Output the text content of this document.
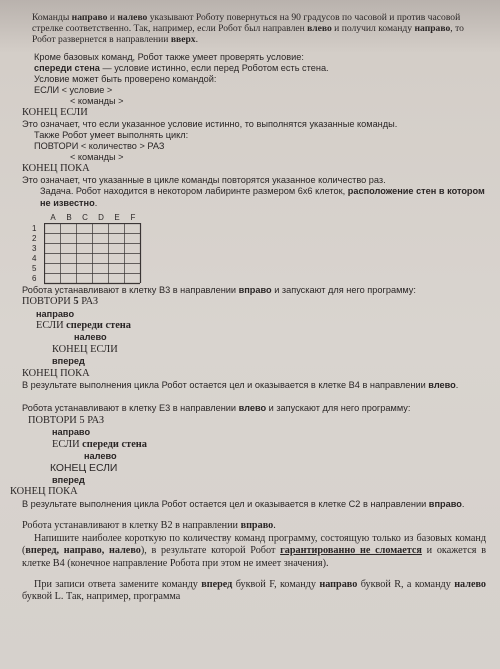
Команды направо и налево указывают Роботу повернуться на 90 градусов по часовой и против часовой стрелке соответственно. Так, например, если Робот был направлен влево и получил команду направо, то Робот развернется в направлении вверх.

Кроме базовых команд, Робот также умеет проверять условие:

спереди стена — условие истинно, если перед Роботом есть стена.

Условие может быть проверено командой:

ЕСЛИ < условие >

< команды >

КОНЕЦ ЕСЛИ

Это означает, что если указанное условие истинно, то выполнятся указанные команды.

Также Робот умеет выполнять цикл:

ПОВТОРИ < количество > РАЗ

< команды >

КОНЕЦ ПОКА

Это означает, что указанные в цикле команды повторятся указанное количество раз.

Задача. Робот находится в некотором лабиринте размером 6х6 клеток, расположение стен в котором не известно.

A	B	C	D	E	F
1
2
3
4
5
6

Робота устанавливают в клетку В3 в направлении вправо и запускают для него программу:

ПОВТОРИ 5 РАЗ

направо

ЕСЛИ спереди стена

налево

КОНЕЦ ЕСЛИ

вперед

КОНЕЦ ПОКА

В результате выполнения цикла Робот остается цел и оказывается в клетке В4 в направлении влево.

Робота устанавливают в клетку Е3 в направлении влево и запускают для него программу:

ПОВТОРИ 5 РАЗ

направо

ЕСЛИ спереди стена

налево

КОНЕЦ ЕСЛИ

вперед

КОНЕЦ ПОКА

В результате выполнения цикла Робот остается цел и оказывается в клетке С2 в направлении вправо.

Робота устанавливают в клетку В2 в направлении вправо.

Напишите наиболее короткую по количеству команд программу, состоящую только из базовых команд (вперед, направо, налево), в результате которой Робот гарантированно не сломается и окажется в клетке В4 (конечное направление Робота при этом не имеет значения).

При записи ответа замените команду вперед буквой F, команду направо буквой R, а команду налево буквой L. Так, например, программа
